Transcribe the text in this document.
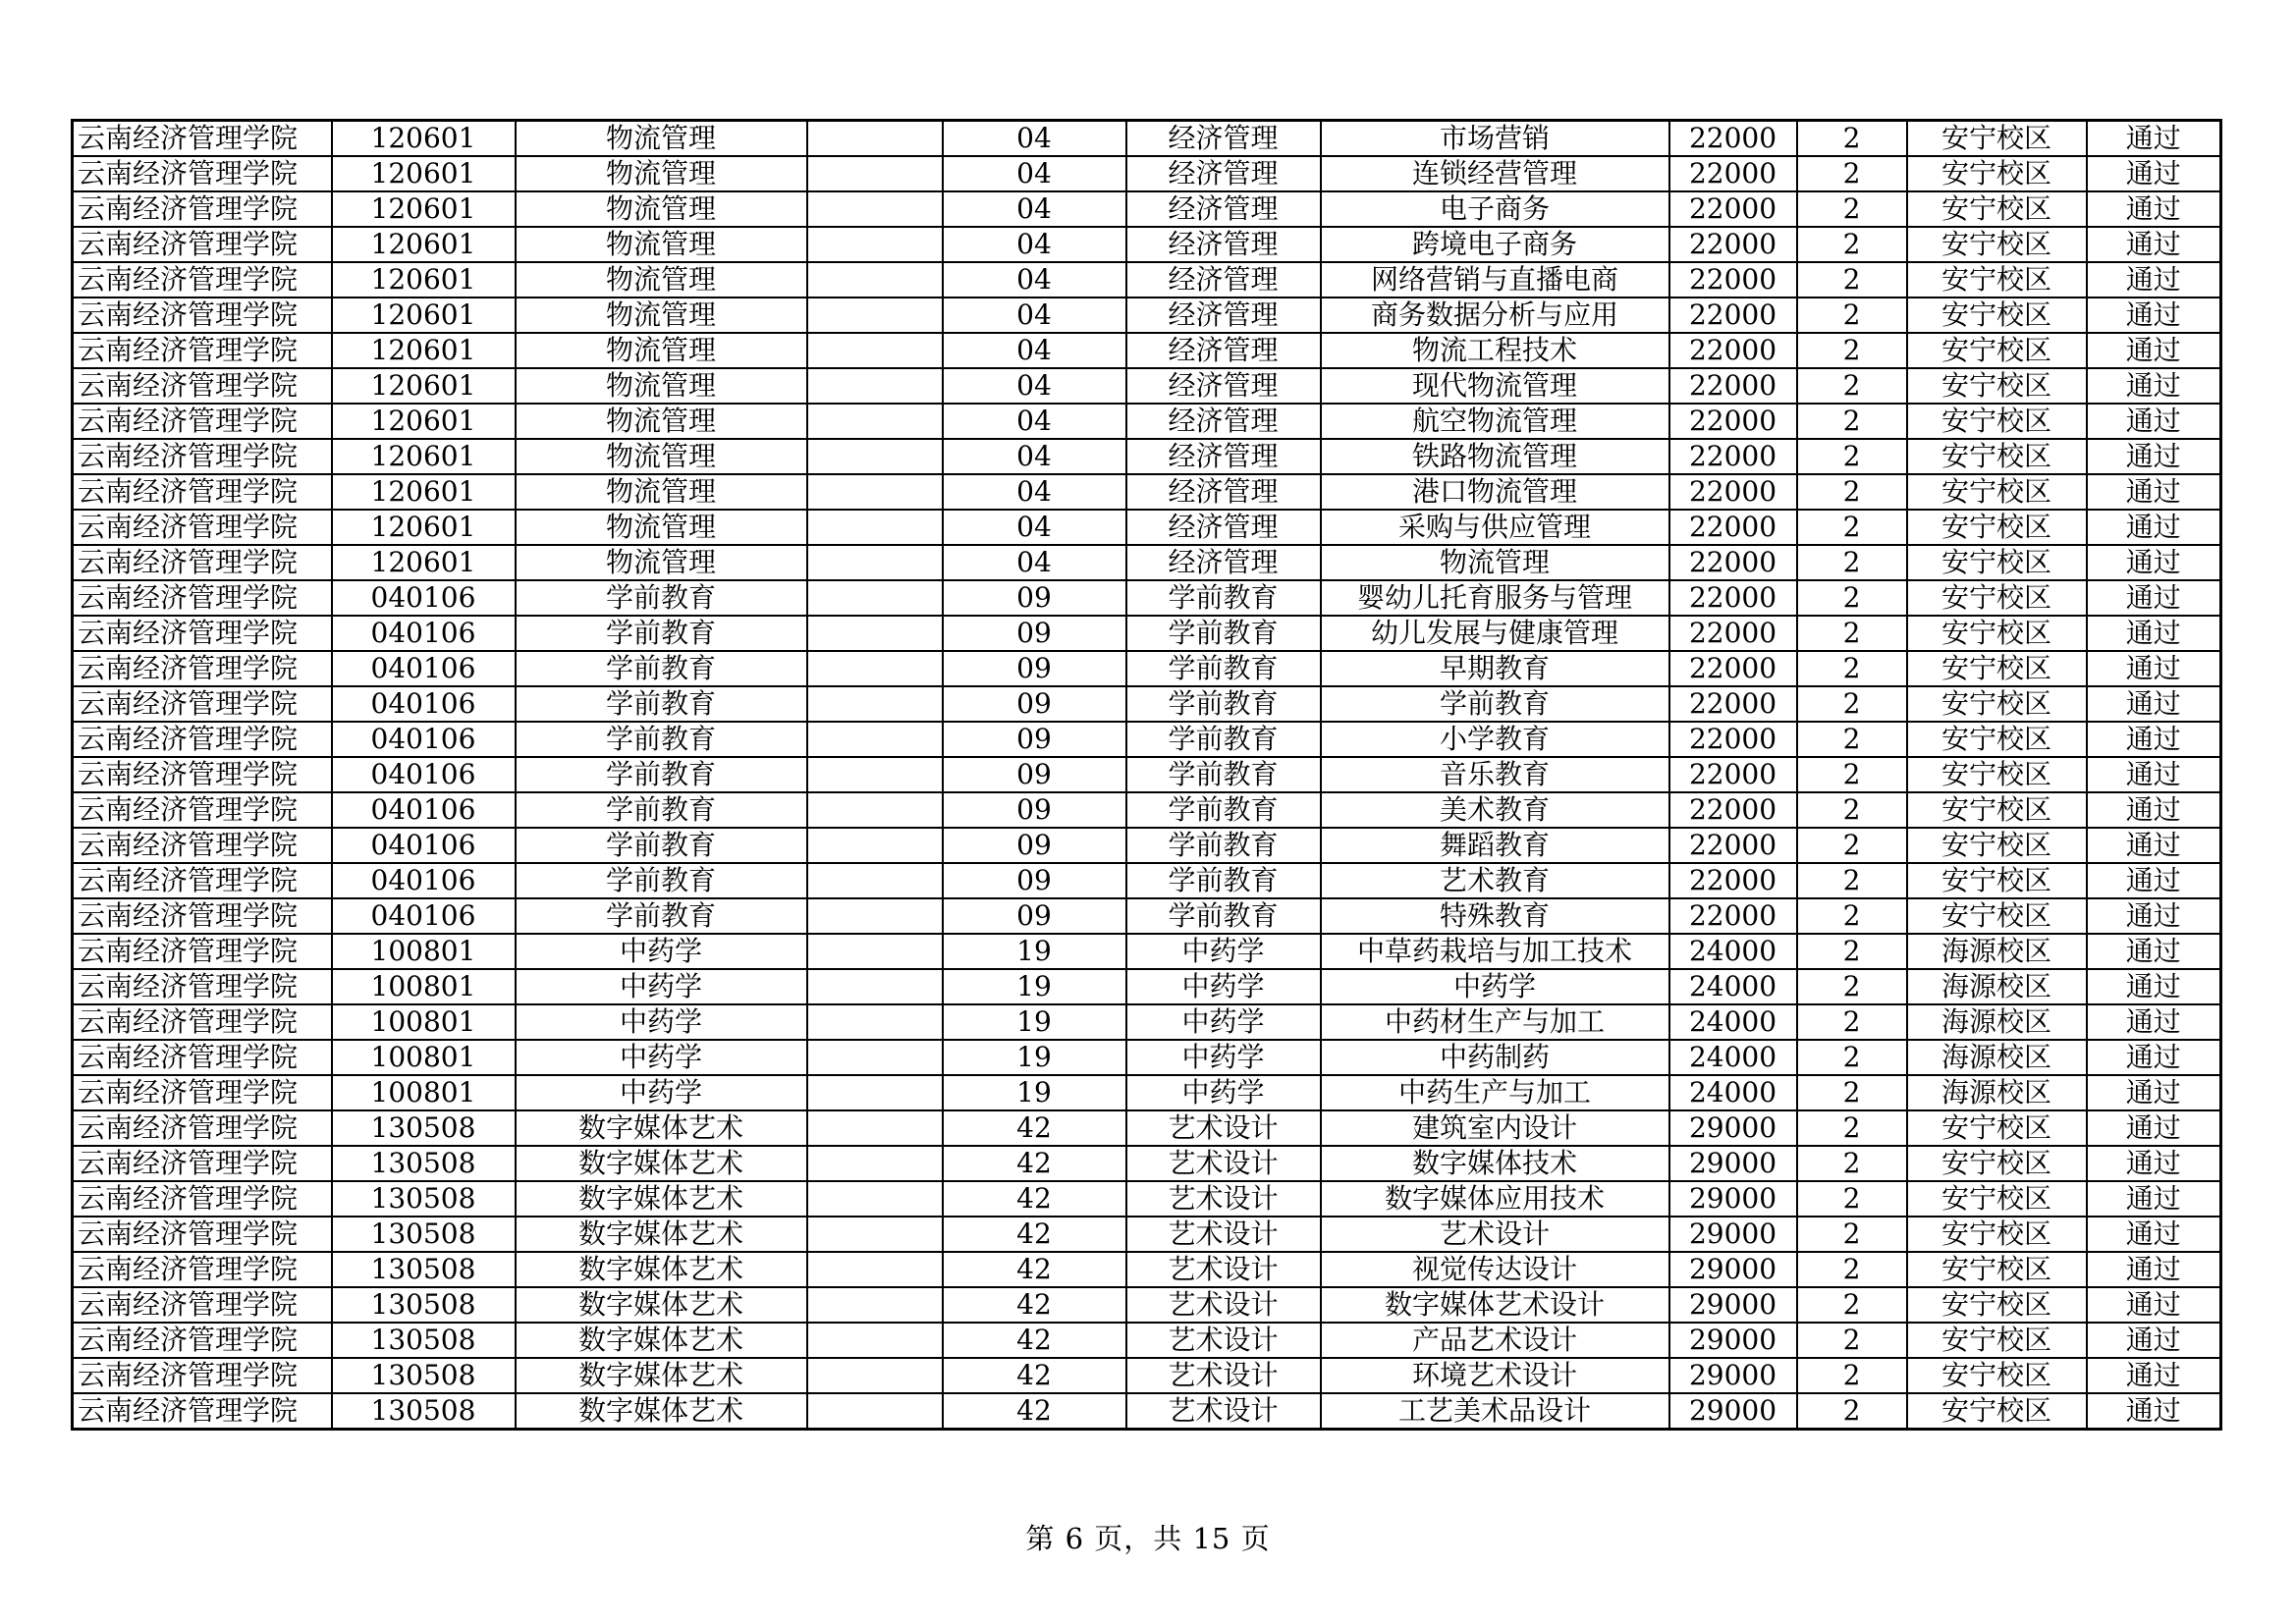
云南经济管理学院	120601	物流管理		04	经济管理	市场营销	22000	2	安宁校区	通过
云南经济管理学院	120601	物流管理		04	经济管理	连锁经营管理	22000	2	安宁校区	通过
云南经济管理学院	120601	物流管理		04	经济管理	电子商务	22000	2	安宁校区	通过
云南经济管理学院	120601	物流管理		04	经济管理	跨境电子商务	22000	2	安宁校区	通过
云南经济管理学院	120601	物流管理		04	经济管理	网络营销与直播电商	22000	2	安宁校区	通过
云南经济管理学院	120601	物流管理		04	经济管理	商务数据分析与应用	22000	2	安宁校区	通过
云南经济管理学院	120601	物流管理		04	经济管理	物流工程技术	22000	2	安宁校区	通过
云南经济管理学院	120601	物流管理		04	经济管理	现代物流管理	22000	2	安宁校区	通过
云南经济管理学院	120601	物流管理		04	经济管理	航空物流管理	22000	2	安宁校区	通过
云南经济管理学院	120601	物流管理		04	经济管理	铁路物流管理	22000	2	安宁校区	通过
云南经济管理学院	120601	物流管理		04	经济管理	港口物流管理	22000	2	安宁校区	通过
云南经济管理学院	120601	物流管理		04	经济管理	采购与供应管理	22000	2	安宁校区	通过
云南经济管理学院	120601	物流管理		04	经济管理	物流管理	22000	2	安宁校区	通过
云南经济管理学院	040106	学前教育		09	学前教育	婴幼儿托育服务与管理	22000	2	安宁校区	通过
云南经济管理学院	040106	学前教育		09	学前教育	幼儿发展与健康管理	22000	2	安宁校区	通过
云南经济管理学院	040106	学前教育		09	学前教育	早期教育	22000	2	安宁校区	通过
云南经济管理学院	040106	学前教育		09	学前教育	学前教育	22000	2	安宁校区	通过
云南经济管理学院	040106	学前教育		09	学前教育	小学教育	22000	2	安宁校区	通过
云南经济管理学院	040106	学前教育		09	学前教育	音乐教育	22000	2	安宁校区	通过
云南经济管理学院	040106	学前教育		09	学前教育	美术教育	22000	2	安宁校区	通过
云南经济管理学院	040106	学前教育		09	学前教育	舞蹈教育	22000	2	安宁校区	通过
云南经济管理学院	040106	学前教育		09	学前教育	艺术教育	22000	2	安宁校区	通过
云南经济管理学院	040106	学前教育		09	学前教育	特殊教育	22000	2	安宁校区	通过
云南经济管理学院	100801	中药学		19	中药学	中草药栽培与加工技术	24000	2	海源校区	通过
云南经济管理学院	100801	中药学		19	中药学	中药学	24000	2	海源校区	通过
云南经济管理学院	100801	中药学		19	中药学	中药材生产与加工	24000	2	海源校区	通过
云南经济管理学院	100801	中药学		19	中药学	中药制药	24000	2	海源校区	通过
云南经济管理学院	100801	中药学		19	中药学	中药生产与加工	24000	2	海源校区	通过
云南经济管理学院	130508	数字媒体艺术		42	艺术设计	建筑室内设计	29000	2	安宁校区	通过
云南经济管理学院	130508	数字媒体艺术		42	艺术设计	数字媒体技术	29000	2	安宁校区	通过
云南经济管理学院	130508	数字媒体艺术		42	艺术设计	数字媒体应用技术	29000	2	安宁校区	通过
云南经济管理学院	130508	数字媒体艺术		42	艺术设计	艺术设计	29000	2	安宁校区	通过
云南经济管理学院	130508	数字媒体艺术		42	艺术设计	视觉传达设计	29000	2	安宁校区	通过
云南经济管理学院	130508	数字媒体艺术		42	艺术设计	数字媒体艺术设计	29000	2	安宁校区	通过
云南经济管理学院	130508	数字媒体艺术		42	艺术设计	产品艺术设计	29000	2	安宁校区	通过
云南经济管理学院	130508	数字媒体艺术		42	艺术设计	环境艺术设计	29000	2	安宁校区	通过
云南经济管理学院	130508	数字媒体艺术		42	艺术设计	工艺美术品设计	29000	2	安宁校区	通过
第 6 页，共 15 页
